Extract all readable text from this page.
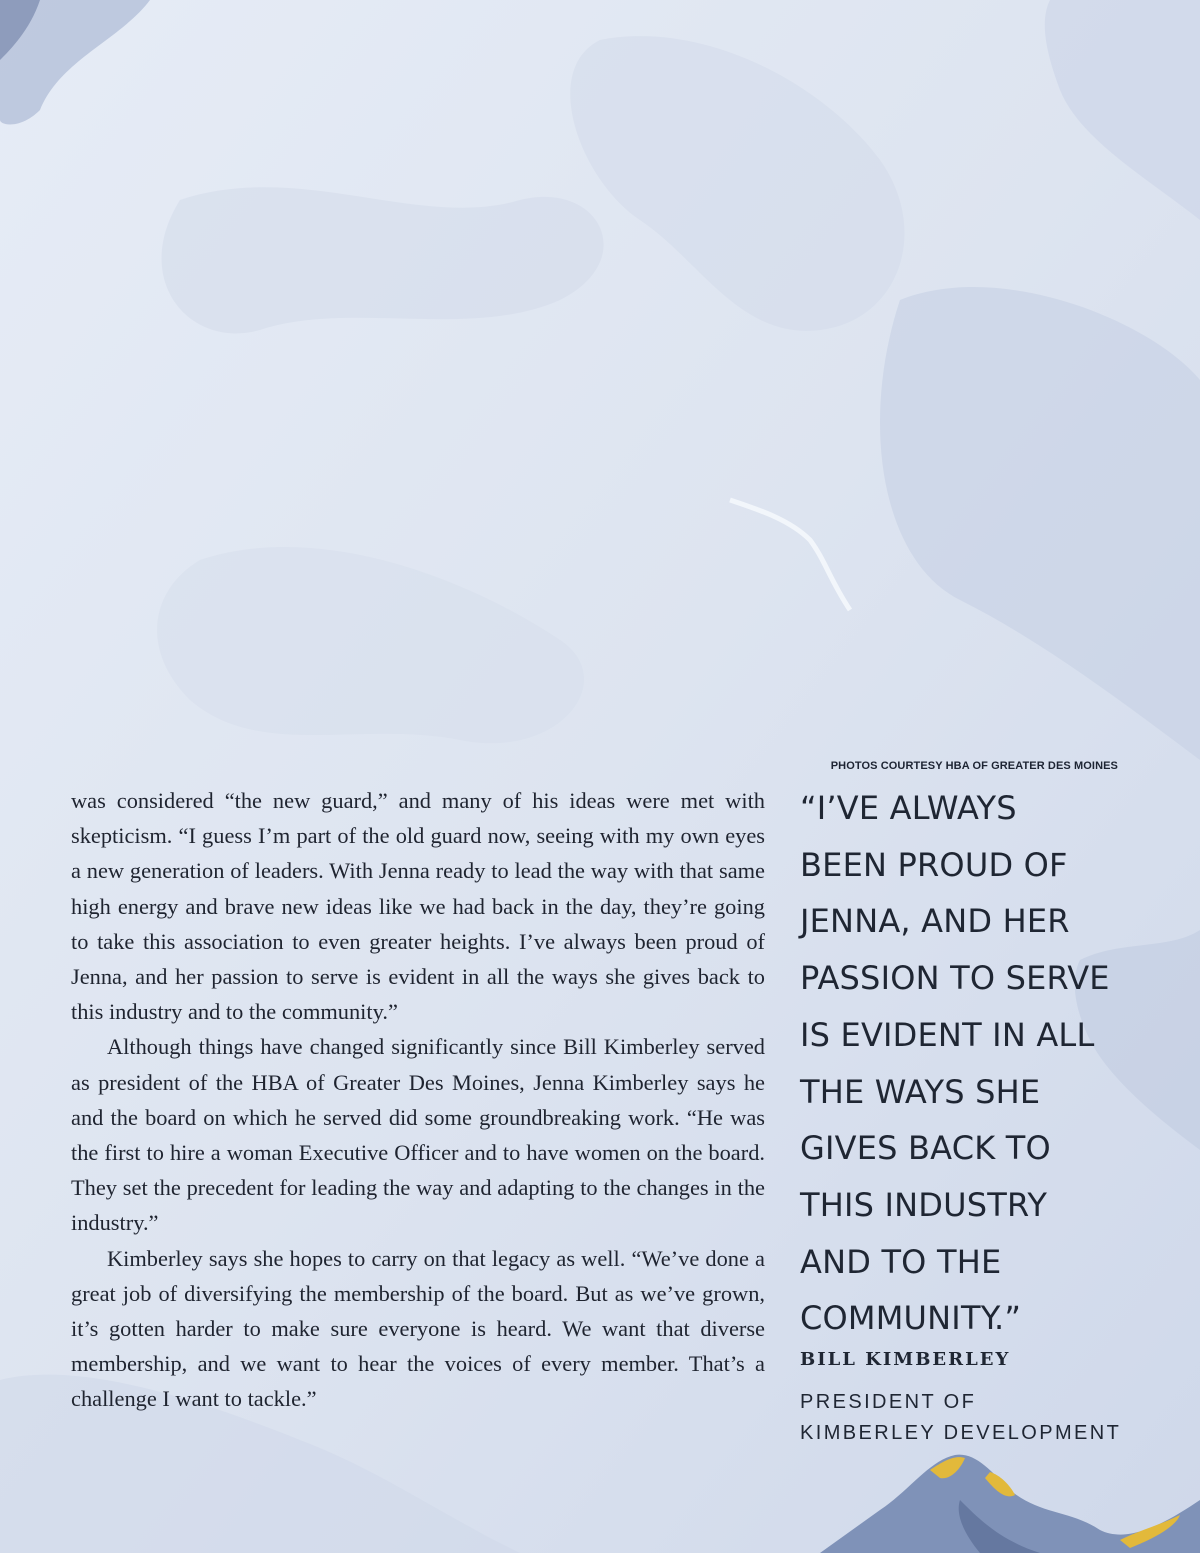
PHOTOS COURTESY HBA OF GREATER DES MOINES

was considered “the new guard,” and many of his ideas were met with skepticism. “I guess I’m part of the old guard now, seeing with my own eyes a new generation of leaders. With Jenna ready to lead the way with that same high energy and brave new ideas like we had back in the day, they’re going to take this association to even greater heights. I’ve always been proud of Jenna, and her passion to serve is evident in all the ways she gives back to this industry and to the community.”

Although things have changed significantly since Bill Kimberley served as president of the HBA of Greater Des Moines, Jenna Kimberley says he and the board on which he served did some groundbreaking work. “He was the first to hire a woman Executive Officer and to have women on the board. They set the precedent for leading the way and adapting to the changes in the industry.”

Kimberley says she hopes to carry on that legacy as well. “We’ve done a great job of diversifying the membership of the board. But as we’ve grown, it’s gotten harder to make sure everyone is heard. We want that diverse membership, and we want to hear the voices of every member. That’s a challenge I want to tackle.”

“I’VE ALWAYS
BEEN PROUD OF
JENNA, AND HER
PASSION TO SERVE
IS EVIDENT IN ALL
THE WAYS SHE
GIVES BACK TO
THIS INDUSTRY
AND TO THE
COMMUNITY.”
BILL KIMBERLEY
PRESIDENT OF
KIMBERLEY DEVELOPMENT
